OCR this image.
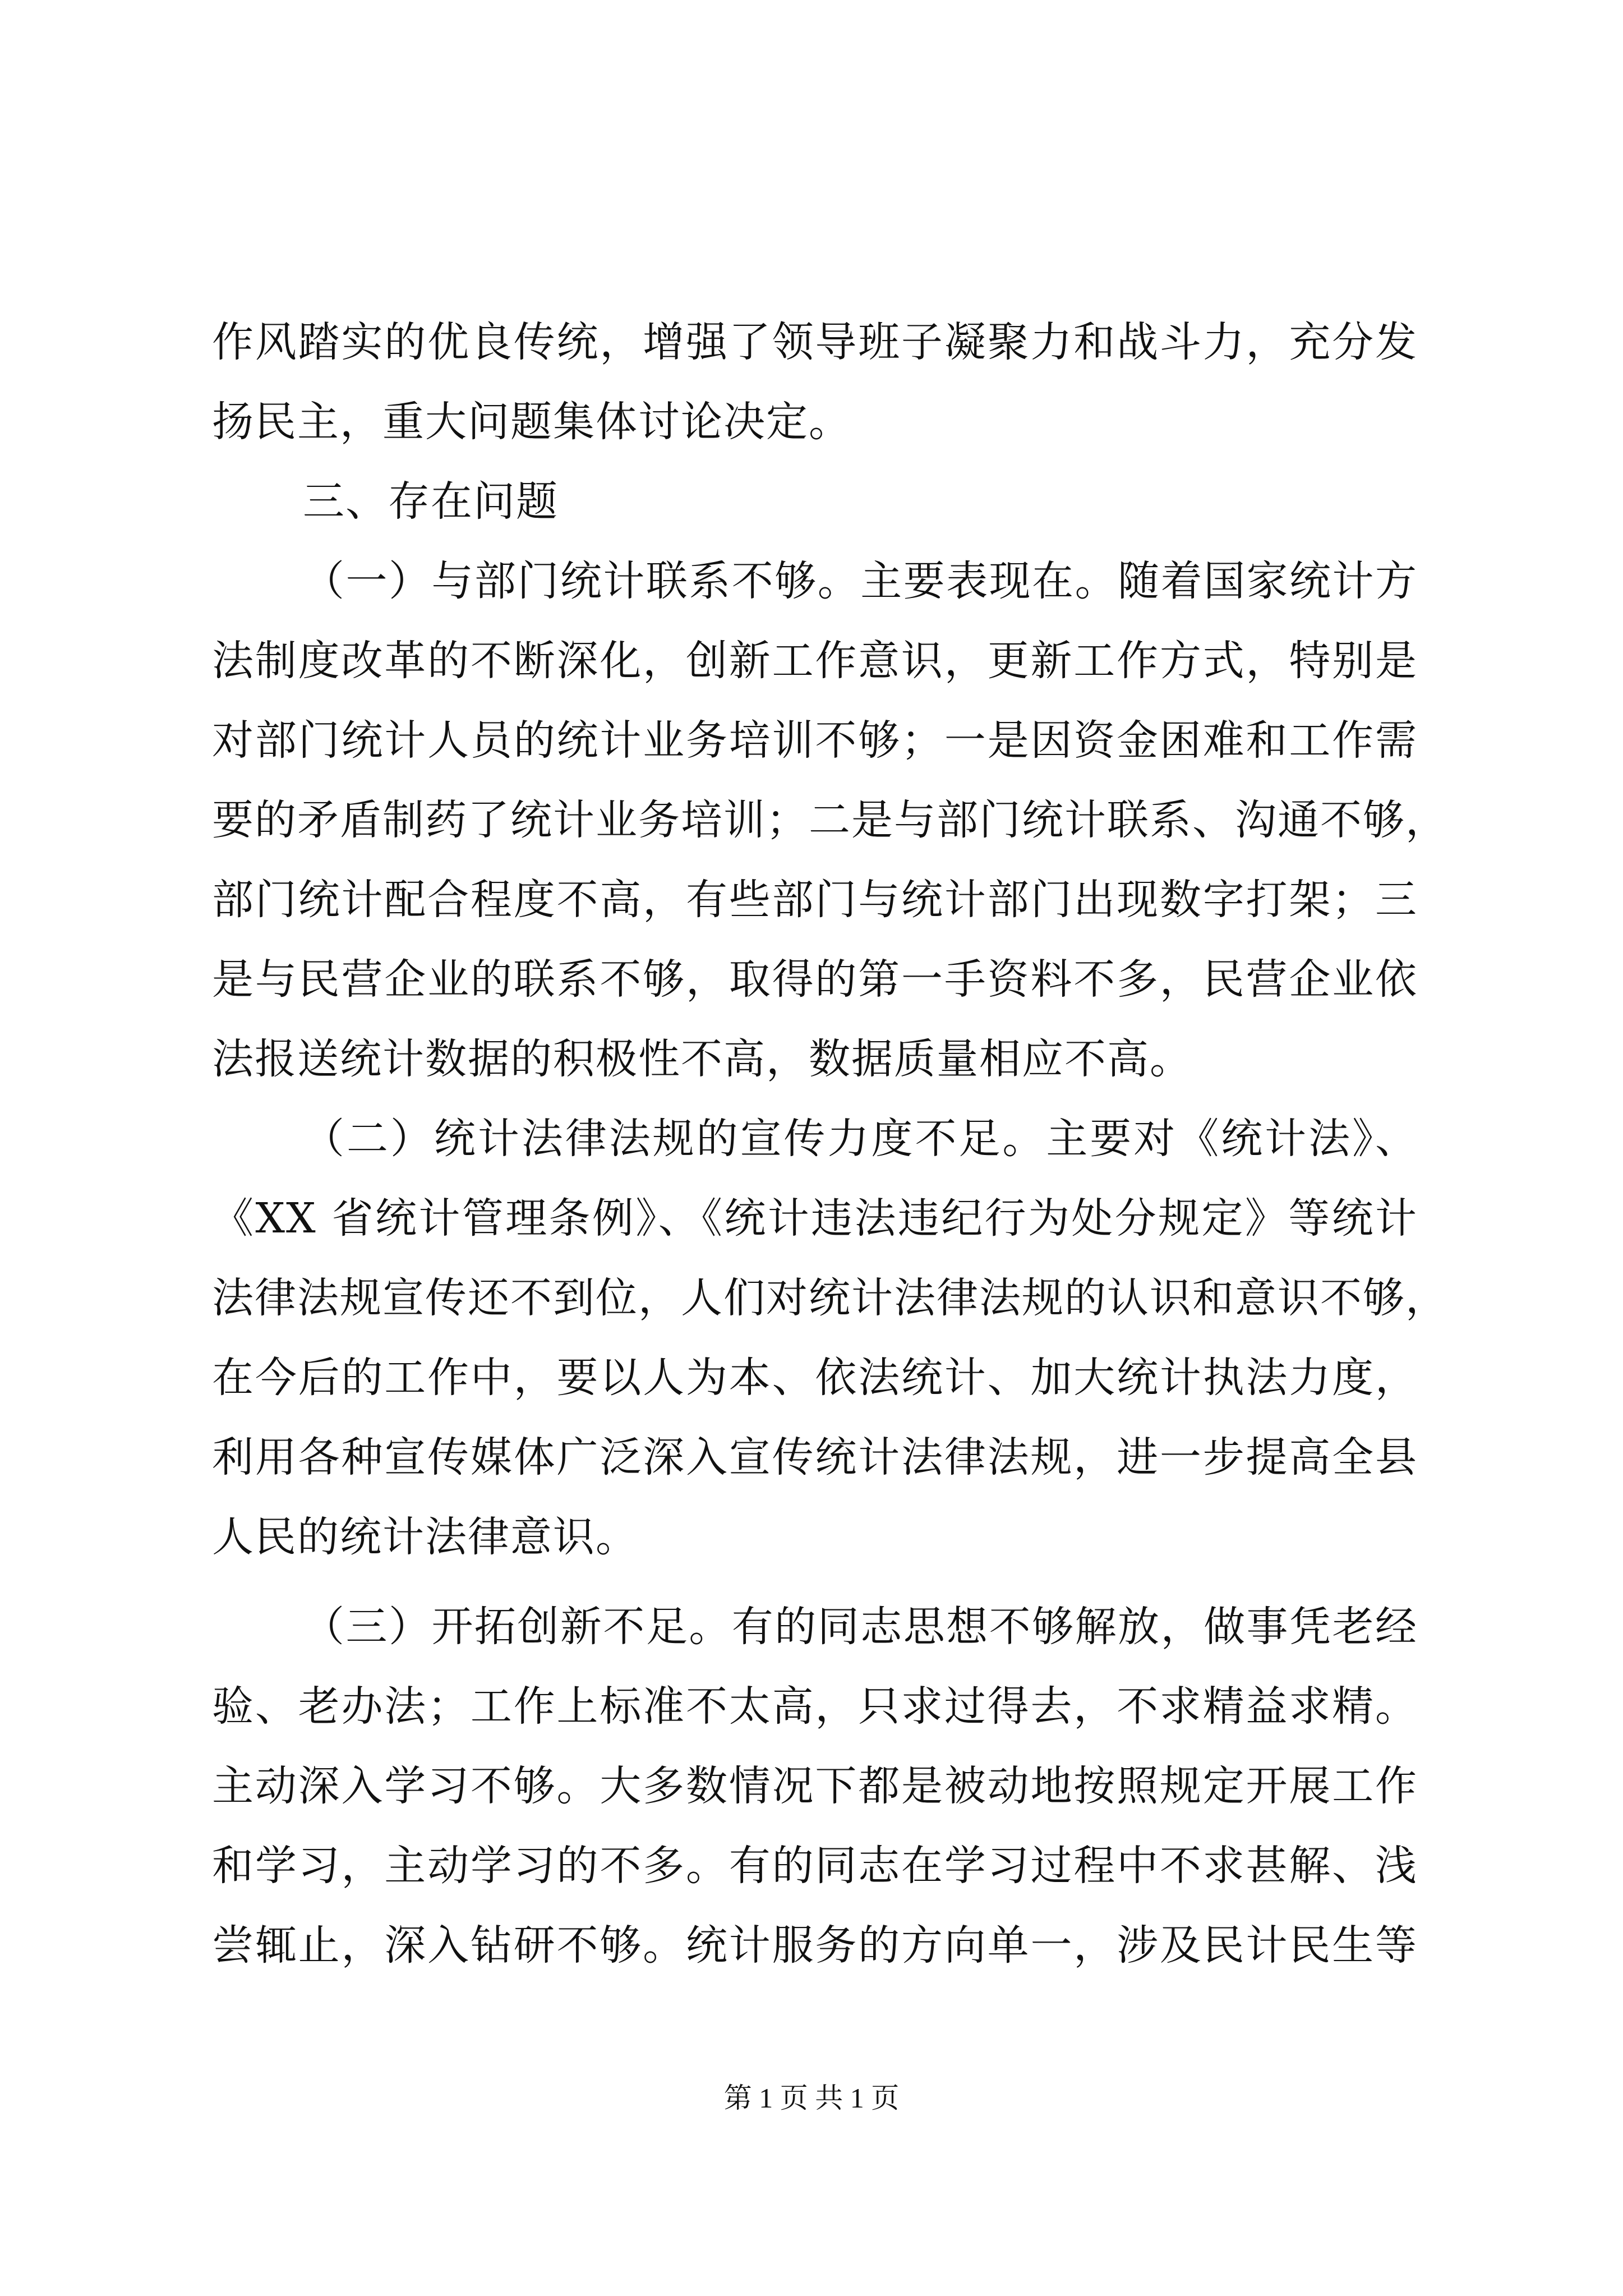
作风踏实的优良传统，增强了领导班子凝聚力和战斗力，充分发
扬民主，重大问题集体讨论决定。
三、存在问题
（一）与部门统计联系不够。主要表现在。随着国家统计方
法制度改革的不断深化，创新工作意识，更新工作方式，特别是
对部门统计人员的统计业务培训不够；一是因资金困难和工作需
要的矛盾制药了统计业务培训；二是与部门统计联系、沟通不够，
部门统计配合程度不高，有些部门与统计部门出现数字打架；三
是与民营企业的联系不够，取得的第一手资料不多，民营企业依
法报送统计数据的积极性不高，数据质量相应不高。
（二）统计法律法规的宣传力度不足。主要对《统计法》、
《XX 省统计管理条例》、《统计违法违纪行为处分规定》等统计
法律法规宣传还不到位，人们对统计法律法规的认识和意识不够，
在今后的工作中，要以人为本、依法统计、加大统计执法力度，
利用各种宣传媒体广泛深入宣传统计法律法规，进一步提高全县
人民的统计法律意识。
（三）开拓创新不足。有的同志思想不够解放，做事凭老经
验、老办法；工作上标准不太高，只求过得去，不求精益求精。
主动深入学习不够。大多数情况下都是被动地按照规定开展工作
和学习，主动学习的不多。有的同志在学习过程中不求甚解、浅
尝辄止，深入钻研不够。统计服务的方向单一，涉及民计民生等
第 1 页 共 1 页
